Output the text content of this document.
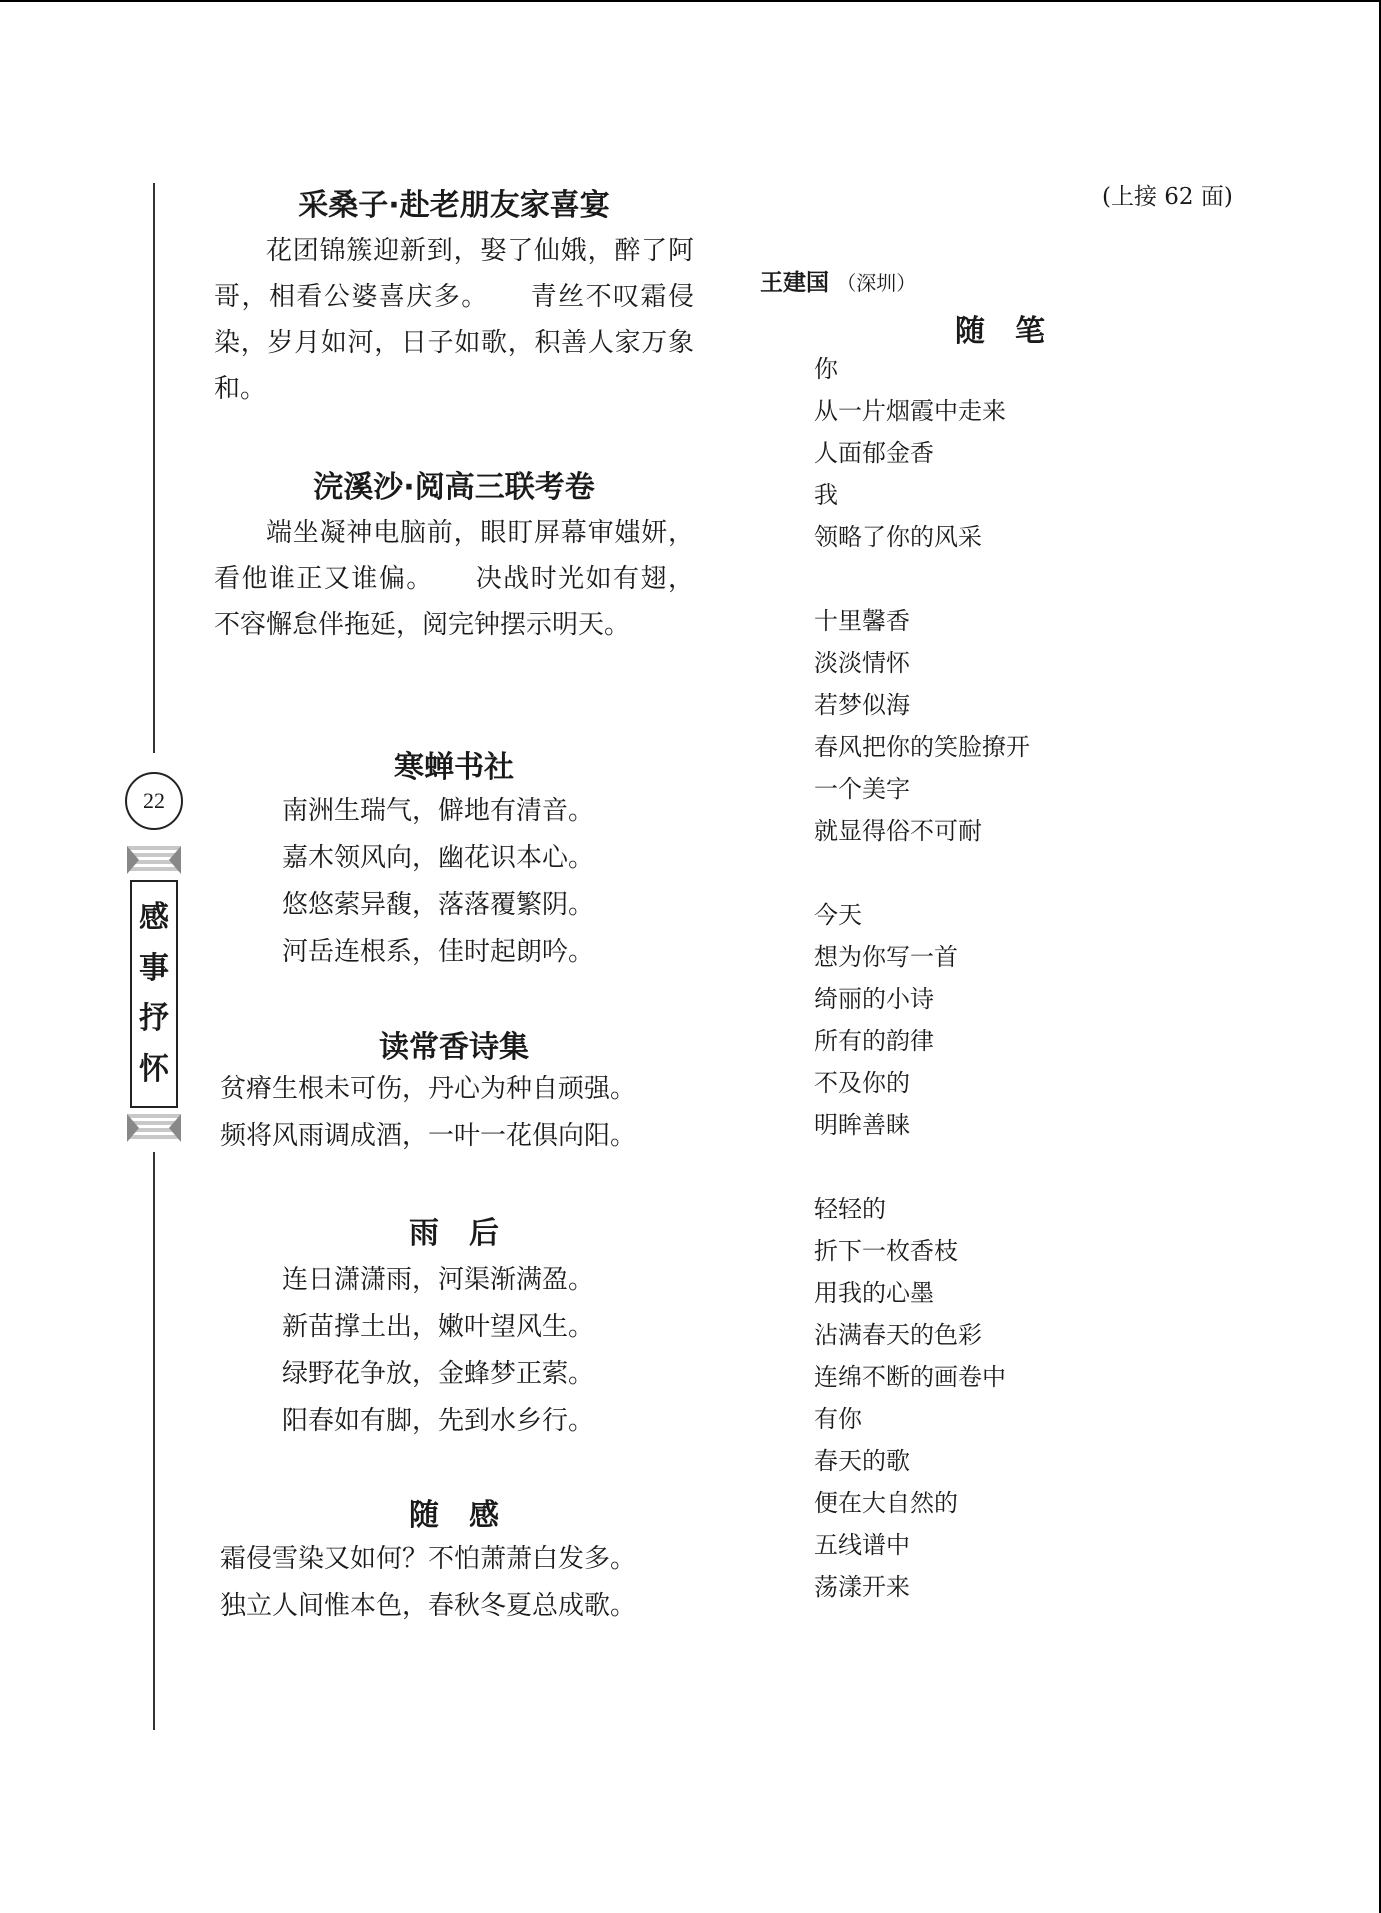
22
感
事
抒
怀
采桑子·赴老朋友家喜宴

花团锦簇迎新到，娶了仙娥，醉了阿哥，相看公婆喜庆多。　　青丝不叹霜侵染，岁月如河，日子如歌，积善人家万象和。

浣溪沙·阅高三联考卷

端坐凝神电脑前，眼盯屏幕审媸妍，看他谁正又谁偏。　　决战时光如有翅，不容懈怠伴拖延，阅完钟摆示明天。

寒蝉书社
南洲生瑞气，僻地有清音。
嘉木领风向，幽花识本心。
悠悠萦异馥，落落覆繁阴。
河岳连根系，佳时起朗吟。
读常香诗集
贫瘠生根未可伤，丹心为种自顽强。
频将风雨调成酒，一叶一花俱向阳。
雨　后
连日潇潇雨，河渠渐满盈。
新苗撑土出，嫩叶望风生。
绿野花争放，金蜂梦正萦。
阳春如有脚，先到水乡行。
随　感
霜侵雪染又如何？不怕萧萧白发多。
独立人间惟本色，春秋冬夏总成歌。
(上接 62 面)
王建国 （深圳）
随　笔
你
从一片烟霞中走来
人面郁金香
我
领略了你的风采
十里馨香
淡淡情怀
若梦似海
春风把你的笑脸撩开
一个美字
就显得俗不可耐
今天
想为你写一首
绮丽的小诗
所有的韵律
不及你的
明眸善睐
轻轻的
折下一枚香枝
用我的心墨
沾满春天的色彩
连绵不断的画卷中
有你
春天的歌
便在大自然的
五线谱中
荡漾开来
